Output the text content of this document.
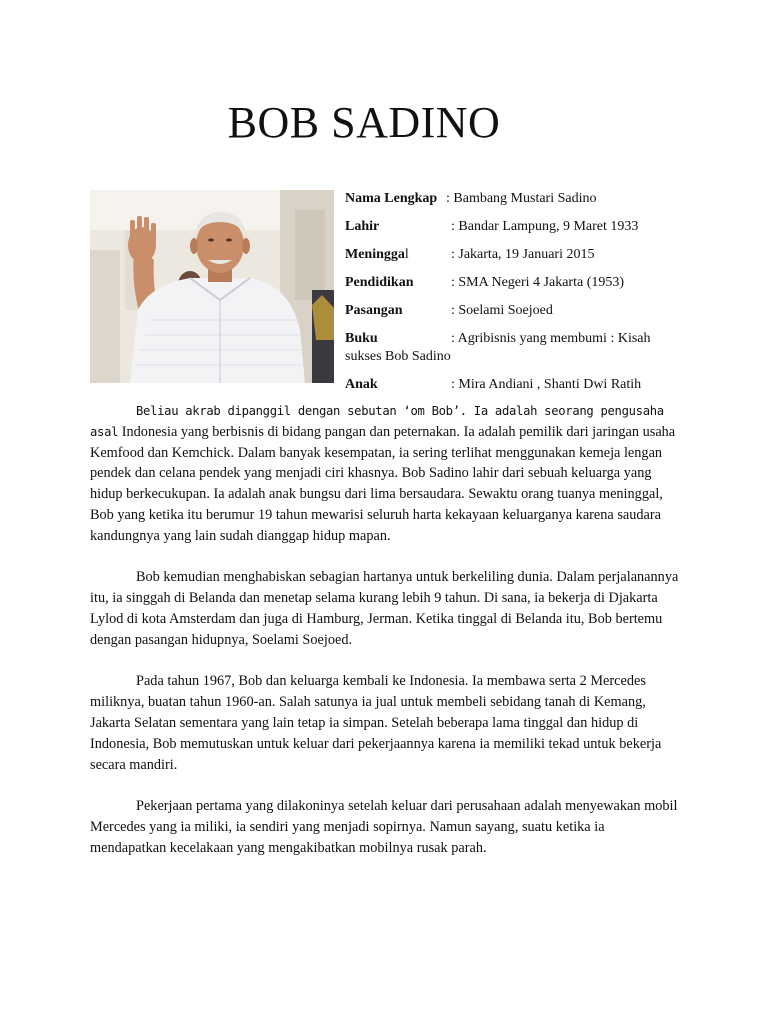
BOB SADINO
Nama Lengkap : Bambang Mustari Sadino
Lahir	: Bandar Lampung, 9 Maret 1933
Meninggal	: Jakarta, 19 Januari 2015
Pendidikan	: SMA Negeri 4 Jakarta (1953)
Pasangan	: Soelami Soejoed
Buku	: Agribisnis yang membumi : Kisah
sukses Bob Sadino
Anak	: Mira Andiani , Shanti Dwi Ratih

Beliau akrab dipanggil dengan sebutan ‘om Bob’. Ia adalah seorang pengusaha asal Indonesia yang berbisnis di bidang pangan dan peternakan. Ia adalah pemilik dari jaringan usaha Kemfood dan Kemchick. Dalam banyak kesempatan, ia sering terlihat menggunakan kemeja lengan pendek dan celana pendek yang menjadi ciri khasnya. Bob Sadino lahir dari sebuah keluarga yang hidup berkecukupan. Ia adalah anak bungsu dari lima bersaudara. Sewaktu orang tuanya meninggal, Bob yang ketika itu berumur 19 tahun mewarisi seluruh harta kekayaan keluarganya karena saudara kandungnya yang lain sudah dianggap hidup mapan.

Bob kemudian menghabiskan sebagian hartanya untuk berkeliling dunia. Dalam perjalanannya itu, ia singgah di Belanda dan menetap selama kurang lebih 9 tahun. Di sana, ia bekerja di Djakarta Lylod di kota Amsterdam dan juga di Hamburg, Jerman. Ketika tinggal di Belanda itu, Bob bertemu dengan pasangan hidupnya, Soelami Soejoed.

Pada tahun 1967, Bob dan keluarga kembali ke Indonesia. Ia membawa serta 2 Mercedes miliknya, buatan tahun 1960-an. Salah satunya ia jual untuk membeli sebidang tanah di Kemang, Jakarta Selatan sementara yang lain tetap ia simpan. Setelah beberapa lama tinggal dan hidup di Indonesia, Bob memutuskan untuk keluar dari pekerjaannya karena ia memiliki tekad untuk bekerja secara mandiri.

Pekerjaan pertama yang dilakoninya setelah keluar dari perusahaan adalah menyewakan mobil Mercedes yang ia miliki, ia sendiri yang menjadi sopirnya. Namun sayang, suatu ketika ia mendapatkan kecelakaan yang mengakibatkan mobilnya rusak parah.
